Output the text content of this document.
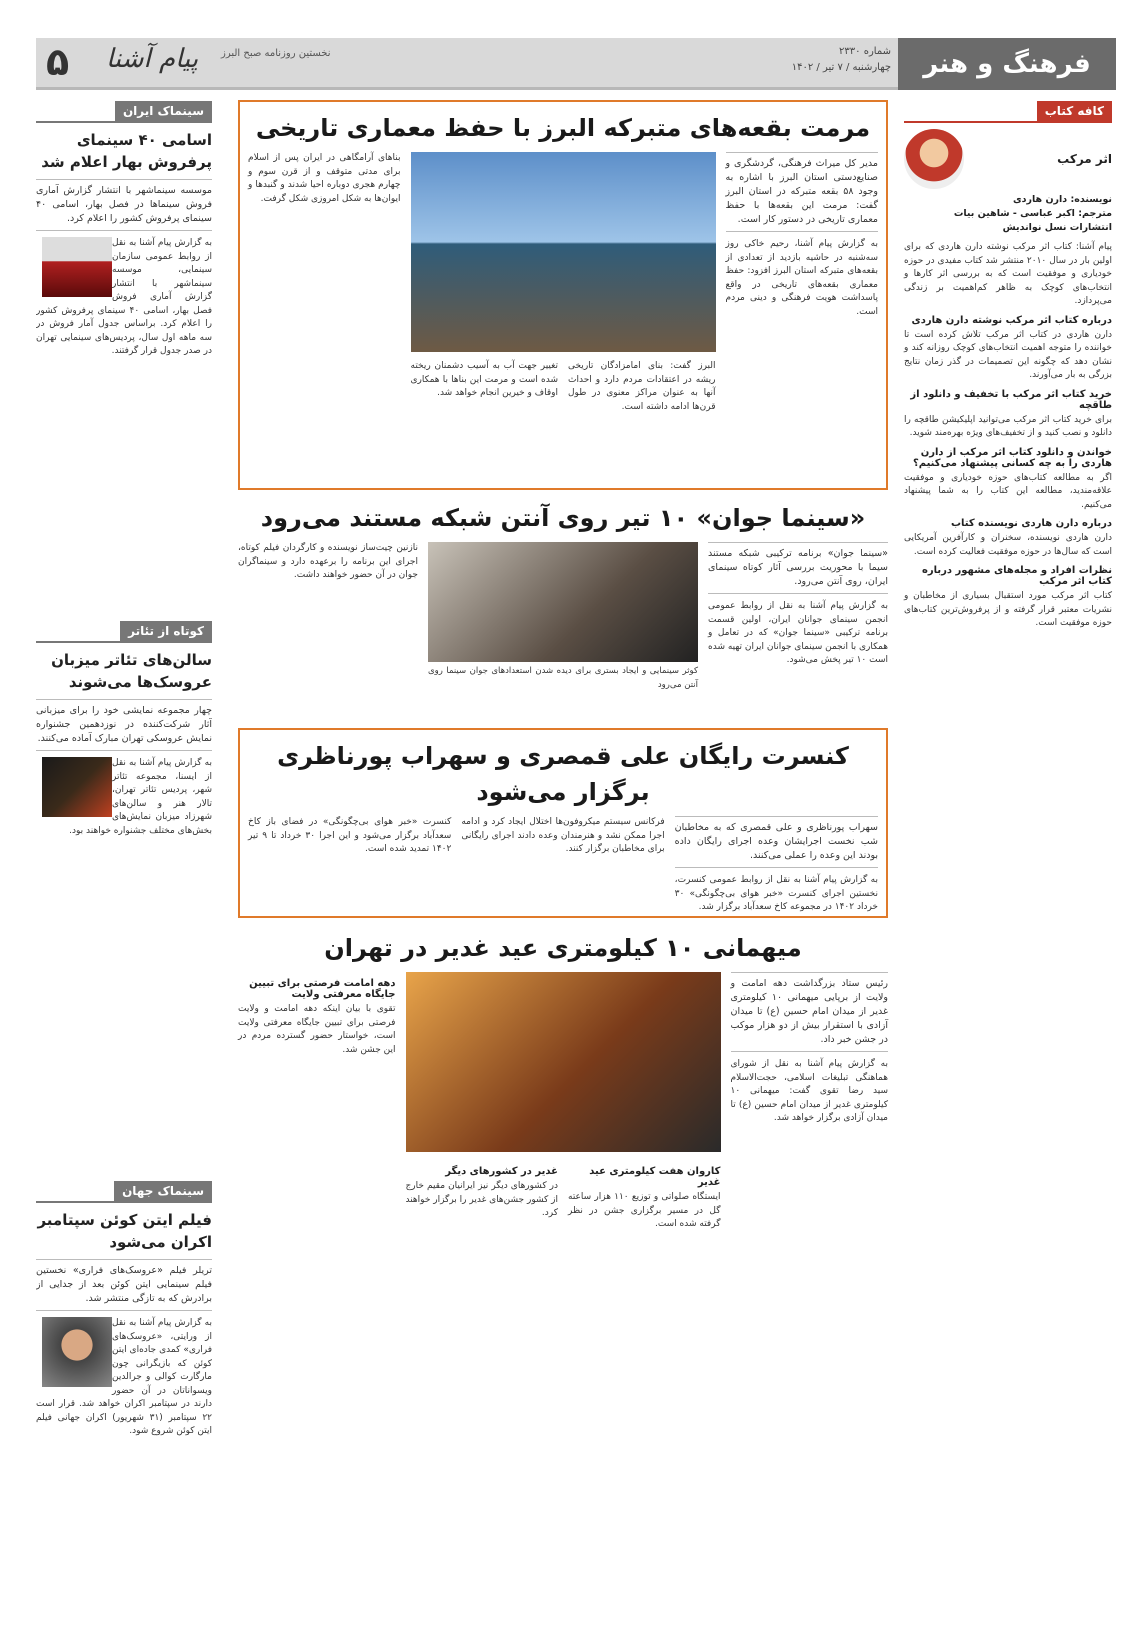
فرهنگ و هنر
شماره ۲۳۳۰
چهارشنبه / ۷ تیر / ۱۴۰۲
نخستین روزنامه صبح البرز
پیام آشنا
۵
کافه کتاب
اثر مرکب
نویسنده: دارن هاردی
مترجم: اکبر عباسی - شاهین بیات
انتشارات نسل نواندیش
پیام آشنا: کتاب اثر مرکب نوشته دارن هاردی که برای اولین بار در سال ۲۰۱۰ منتشر شد کتاب مفیدی در حوزه خودیاری و موفقیت است که به بررسی اثر کارها و انتخاب‌های کوچک به ظاهر کم‌اهمیت بر زندگی می‌پردازد.
درباره کتاب اثر مرکب نوشته دارن هاردی
دارن هاردی در کتاب اثر مرکب تلاش کرده است تا خواننده را متوجه اهمیت انتخاب‌های کوچک روزانه کند و نشان دهد که چگونه این تصمیمات در گذر زمان نتایج بزرگی به بار می‌آورند.
خرید کتاب اثر مرکب با تخفیف و دانلود از طاقچه
برای خرید کتاب اثر مرکب می‌توانید اپلیکیشن طاقچه را دانلود و نصب کنید و از تخفیف‌های ویژه بهره‌مند شوید.
خواندن و دانلود کتاب اثر مرکب از دارن هاردی را به چه کسانی پیشنهاد می‌کنیم؟
اگر به مطالعه کتاب‌های حوزه خودیاری و موفقیت علاقه‌مندید، مطالعه این کتاب را به شما پیشنهاد می‌کنیم.
درباره دارن هاردی نویسنده کتاب
دارن هاردی نویسنده، سخنران و کارآفرین آمریکایی است که سال‌ها در حوزه موفقیت فعالیت کرده است.
نظرات افراد و مجله‌های مشهور درباره کتاب اثر مرکب
کتاب اثر مرکب مورد استقبال بسیاری از مخاطبان و نشریات معتبر قرار گرفته و از پرفروش‌ترین کتاب‌های حوزه موفقیت است.
مرمت بقعه‌های متبرکه البرز با حفظ معماری تاریخی
مدیر کل میراث فرهنگی، گردشگری و صنایع‌دستی استان البرز با اشاره به وجود ۵۸ بقعه متبرکه در استان البرز گفت: مرمت این بقعه‌ها با حفظ معماری تاریخی در دستور کار است.
به گزارش پیام آشنا، رحیم خاکی روز سه‌شنبه در حاشیه بازدید از تعدادی از بقعه‌های متبرکه استان البرز افزود: حفظ معماری بقعه‌های تاریخی در واقع پاسداشت هویت فرهنگی و دینی مردم است.
البرز گفت: بنای امامزادگان تاریخی ریشه در اعتقادات مردم دارد و احداث آنها به عنوان مراکز معنوی در طول قرن‌ها ادامه داشته است.
تغییر جهت آب به آسیب دشمنان ریخته شده است و مرمت این بناها با همکاری اوقاف و خیرین انجام خواهد شد.
بناهای آرامگاهی در ایران پس از اسلام برای مدتی متوقف و از قرن سوم و چهارم هجری دوباره احیا شدند و گنبدها و ایوان‌ها به شکل امروزی شکل گرفت.
«سینما جوان» ۱۰ تیر روی آنتن شبکه مستند می‌رود
«سینما جوان» برنامه ترکیبی شبکه مستند سیما با محوریت بررسی آثار کوتاه سینمای ایران، روی آنتن می‌رود.
به گزارش پیام آشنا به نقل از روابط عمومی انجمن سینمای جوانان ایران، اولین قسمت برنامه ترکیبی «سینما جوان» که در تعامل و همکاری با انجمن سینمای جوانان ایران تهیه شده است ۱۰ تیر پخش می‌شود.
کوثر سینمایی و ایجاد بستری برای دیده شدن استعدادهای جوان سینما روی آنتن می‌رود
نازنین چیت‌ساز نویسنده و کارگردان فیلم کوتاه، اجرای این برنامه را برعهده دارد و سینماگران جوان در آن حضور خواهند داشت.
کنسرت رایگان علی قمصری و سهراب پورناظری برگزار می‌شود
سهراب پورناظری و علی قمصری که به مخاطبان شب نخست اجرایشان وعده اجرای رایگان داده بودند این وعده را عملی می‌کنند.
به گزارش پیام آشنا به نقل از روابط عمومی کنسرت، نخستین اجرای کنسرت «خبر هوای بی‌چگونگی» ۳۰ خرداد ۱۴۰۲ در مجموعه کاخ سعدآباد برگزار شد.
فرکانس سیستم میکروفون‌ها اختلال ایجاد کرد و ادامه اجرا ممکن نشد و هنرمندان وعده دادند اجرای رایگانی برای مخاطبان برگزار کنند.
کنسرت «خبر هوای بی‌چگونگی» در فضای باز کاخ سعدآباد برگزار می‌شود و این اجرا ۳۰ خرداد تا ۹ تیر ۱۴۰۲ تمدید شده است.
میهمانی ۱۰ کیلومتری عید غدیر در تهران
رئیس ستاد بزرگداشت دهه امامت و ولایت از برپایی میهمانی ۱۰ کیلومتری غدیر از میدان امام حسین (ع) تا میدان آزادی با استقرار بیش از دو هزار موکب در جشن خبر داد.
به گزارش پیام آشنا به نقل از شورای هماهنگی تبلیغات اسلامی، حجت‌الاسلام سید رضا تقوی گفت: میهمانی ۱۰ کیلومتری غدیر از میدان امام حسین (ع) تا میدان آزادی برگزار خواهد شد.
کاروان هفت کیلومتری عید غدیر
ایستگاه صلواتی و توزیع ۱۱۰ هزار ساعته گل در مسیر برگزاری جشن در نظر گرفته شده است.
غدیر در کشورهای دیگر
در کشورهای دیگر نیز ایرانیان مقیم خارج از کشور جشن‌های غدیر را برگزار خواهند کرد.
دهه امامت فرصتی برای تبیین جایگاه معرفتی ولایت
تقوی با بیان اینکه دهه امامت و ولایت فرصتی برای تبیین جایگاه معرفتی ولایت است، خواستار حضور گسترده مردم در این جشن شد.
سینماک ایران
اسامی ۴۰ سینمای پرفروش بهار اعلام شد
موسسه سینماشهر با انتشار گزارش آماری فروش سینماها در فصل بهار، اسامی ۴۰ سینمای پرفروش کشور را اعلام کرد.
به گزارش پیام آشنا به نقل از روابط عمومی سازمان سینمایی، موسسه سینماشهر با انتشار گزارش آماری فروش فصل بهار، اسامی ۴۰ سینمای پرفروش کشور را اعلام کرد. براساس جدول آمار فروش در سه ماهه اول سال، پردیس‌های سینمایی تهران در صدر جدول قرار گرفتند.
کوتاه از تئاتر
سالن‌های تئاتر میزبان عروسک‌ها می‌شوند
چهار مجموعه نمایشی خود را برای میزبانی آثار شرکت‌کننده در نوزدهمین جشنواره نمایش عروسکی تهران مبارک آماده می‌کنند.
به گزارش پیام آشنا به نقل از ایسنا، مجموعه تئاتر شهر، پردیس تئاتر تهران، تالار هنر و سالن‌های شهرزاد میزبان نمایش‌های بخش‌های مختلف جشنواره خواهند بود.
سینماک جهان
فیلم ایتن کوئن سپتامبر اکران می‌شود
تریلر فیلم «عروسک‌های فراری» نخستین فیلم سینمایی ایتن کوئن بعد از جدایی از برادرش که به تازگی منتشر شد.
به گزارش پیام آشنا به نقل از ورایتی، «عروسک‌های فراری» کمدی جاده‌ای ایتن کوئن که بازیگرانی چون مارگارت کوالی و جرالدین ویسواناتان در آن حضور دارند در سپتامبر اکران خواهد شد. قرار است ۲۲ سپتامبر (۳۱ شهریور) اکران جهانی فیلم ایتن کوئن شروع شود.
